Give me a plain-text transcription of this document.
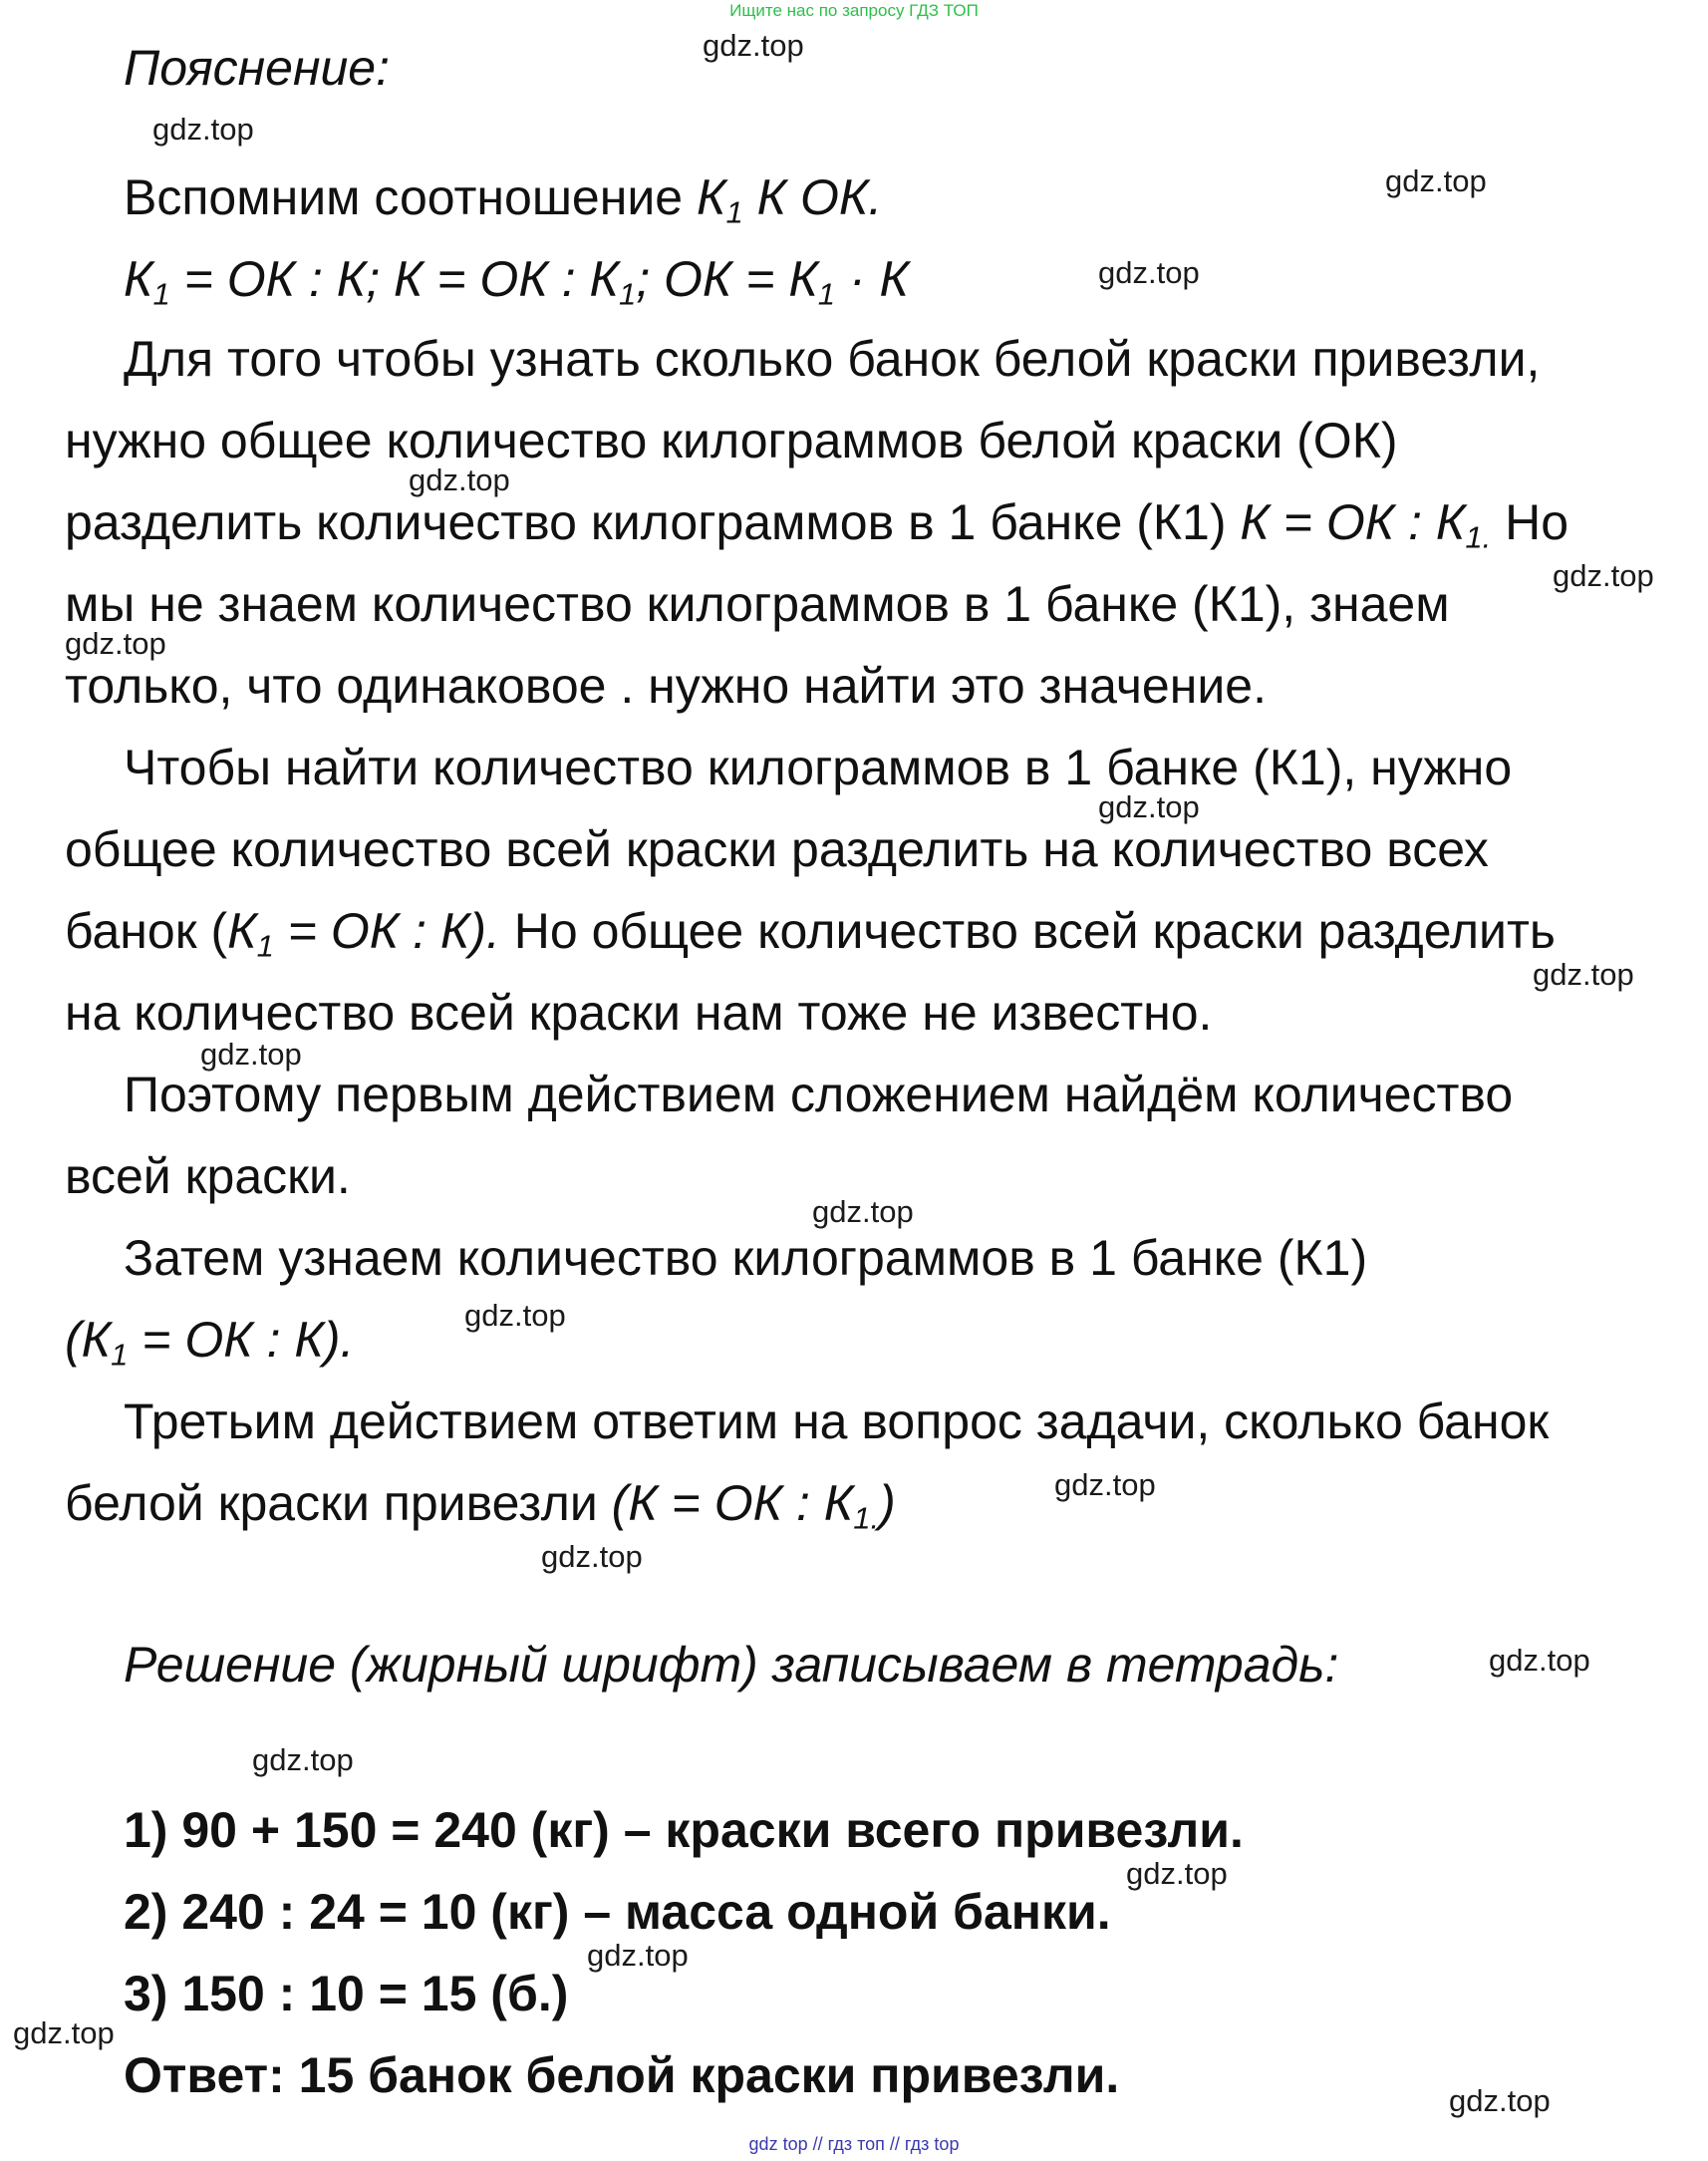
Ищите нас по запросу ГДЗ ТОП

Пояснение:

Вспомним соотношение $К_1$ К ОК.

$К_1$ = ОК : К; К = ОК : $К_1$; ОК = $К_1 \cdot К$

Для того чтобы узнать сколько банок белой краски привезли,

нужно общее количество килограммов белой краски (ОК)

разделить количество килограммов в 1 банке (К1) К = ОК : $К_{1.}$ Но

мы не знаем количество килограммов в 1 банке (К1), знаем

только, что одинаковое . нужно найти это значение.

Чтобы найти количество килограммов в 1 банке (К1), нужно

общее количество всей краски разделить на количество всех

банок ($К_1$ = ОК : К). Но общее количество всей краски разделить

на количество всей краски нам тоже не известно.

Поэтому первым действием сложением найдём количество

всей краски.

Затем узнаем количество килограммов в 1 банке (К1)

($К_1$ = ОК : К).

Третьим действием ответим на вопрос задачи, сколько банок

белой краски привезли (К = ОК : $К_{1.}$)

Решение (жирный шрифт) записываем в тетрадь:

1) 90 + 150 = 240 (кг) – краски всего привезли.

2) 240 : 24 = 10 (кг) – масса одной банки.

3) 150 : 10 = 15 (б.)

Ответ: 15 банок белой краски привезли.

gdz.top
gdz.top
gdz.top
gdz.top
gdz.top
gdz.top
gdz.top
gdz.top
gdz.top
gdz.top
gdz.top
gdz.top
gdz.top
gdz.top
gdz.top
gdz.top
gdz.top
gdz.top
gdz.top
gdz.top
gdz top // гдз топ // гдз top
